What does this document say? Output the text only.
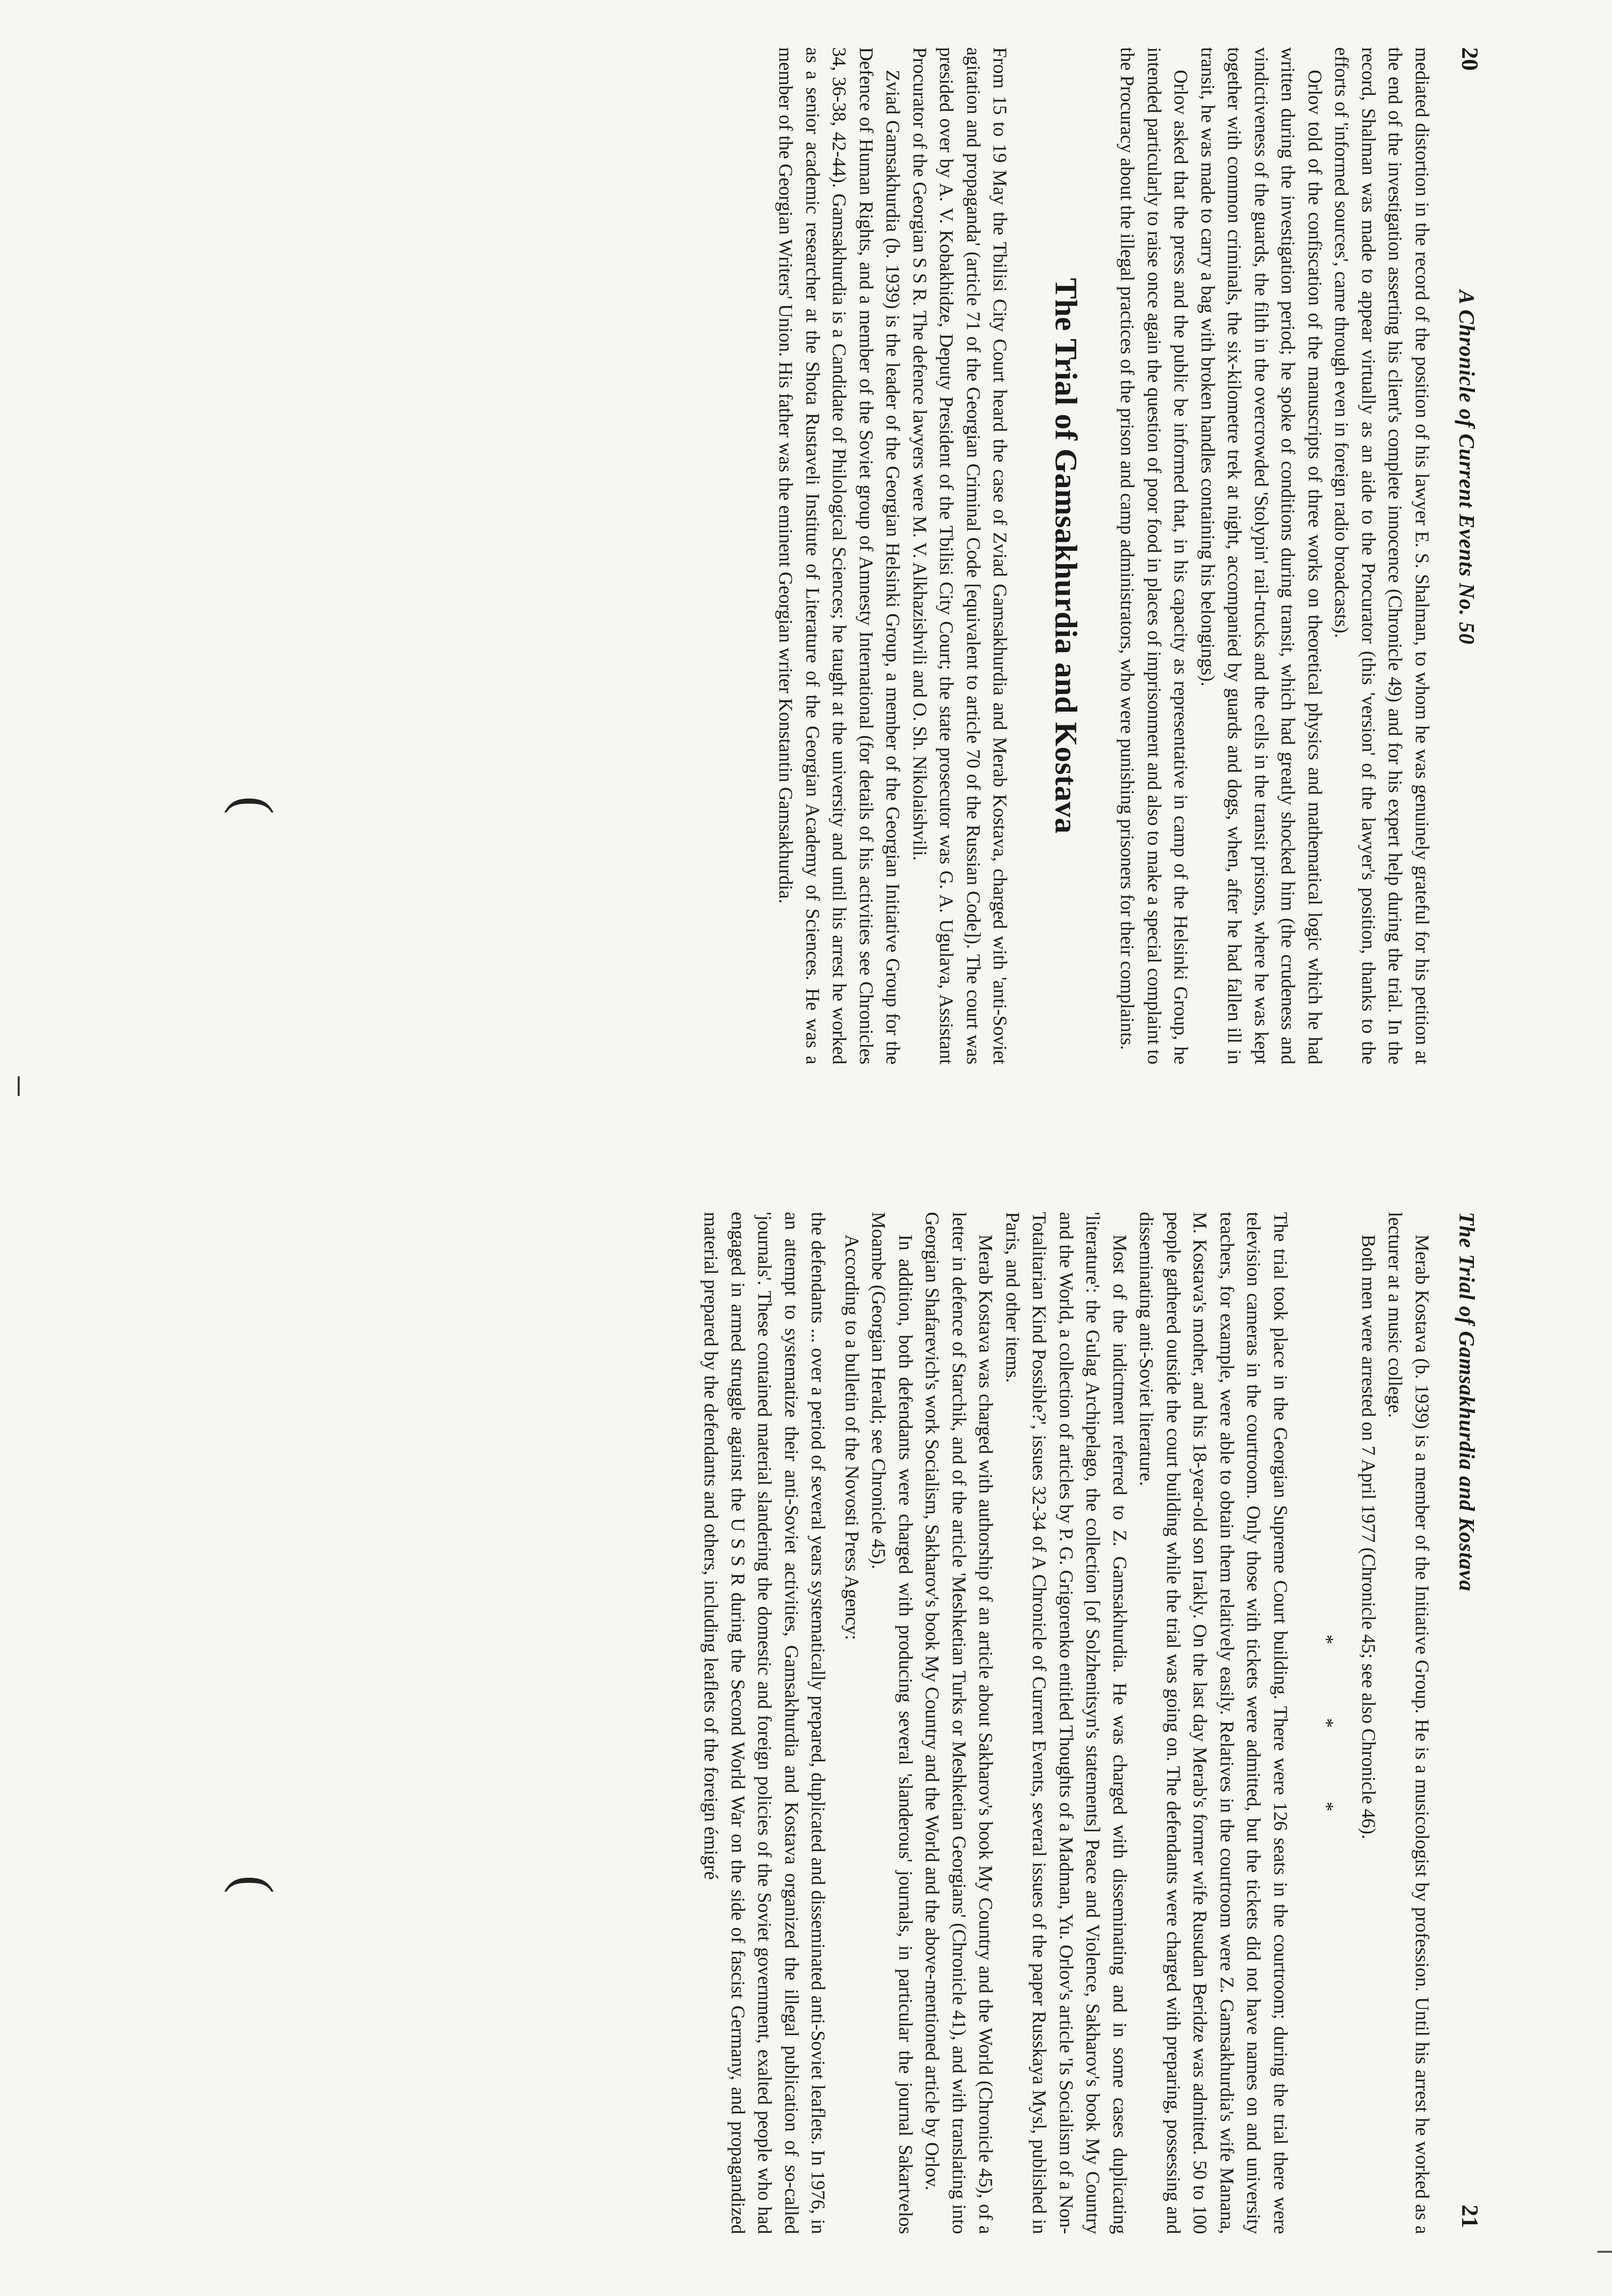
20
A Chronicle of Current Events No. 50

mediated distortion in the record of the position of his lawyer E. S. Shalman, to whom he was genuinely grateful for his petition at the end of the investigation asserting his client's complete innocence (Chronicle 49) and for his expert help during the trial. In the record, Shalman was made to appear virtually as an aide to the Procurator (this 'version' of the lawyer's position, thanks to the efforts of 'informed sources', came through even in foreign radio broadcasts).

Orlov told of the confiscation of the manuscripts of three works on theoretical physics and mathematical logic which he had written during the investigation period; he spoke of conditions during transit, which had greatly shocked him (the crudeness and vindictiveness of the guards, the filth in the overcrowded 'Stolypin' rail-trucks and the cells in the transit prisons, where he was kept together with common criminals, the six-kilometre trek at night, accompanied by guards and dogs, when, after he had fallen ill in transit, he was made to carry a bag with broken handles containing his belongings).

Orlov asked that the press and the public be informed that, in his capacity as representative in camp of the Helsinki Group, he intended particularly to raise once again the question of poor food in places of imprisonment and also to make a special complaint to the Procuracy about the illegal practices of the prison and camp administrators, who were punishing prisoners for their complaints.

The Trial of Gamsakhurdia and Kostava

From 15 to 19 May the Tbilisi City Court heard the case of Zviad Gamsakhurdia and Merab Kostava, charged with 'anti-Soviet agitation and propaganda' (article 71 of the Georgian Criminal Code [equivalent to article 70 of the Russian Code]). The court was presided over by A. V. Kobakhidze, Deputy President of the Tbilisi City Court; the state prosecutor was G. A. Ugulava, Assistant Procurator of the Georgian S S R. The defence lawyers were M. V. Alkhazishvili and O. Sh. Nikolaishvili.

Zviad Gamsakhurdia (b. 1939) is the leader of the Georgian Helsinki Group, a member of the Georgian Initiative Group for the Defence of Human Rights, and a member of the Soviet group of Amnesty International (for details of his activities see Chronicles 34, 36-38, 42-44). Gamsakhurdia is a Candidate of Philological Sciences; he taught at the university and until his arrest he worked as a senior academic researcher at the Shota Rustaveli Institute of Literature of the Georgian Academy of Sciences. He was a member of the Georgian Writers' Union. His father was the eminent Georgian writer Konstantin Gamsakhurdia.

(
The Trial of Gamsakhurdia and Kostava
21

Merab Kostava (b. 1939) is a member of the Initiative Group. He is a musicologist by profession. Until his arrest he worked as a lecturer at a music college.

Both men were arrested on 7 April 1977 (Chronicle 45; see also Chronicle 46).

* * *

The trial took place in the Georgian Supreme Court building. There were 126 seats in the courtroom; during the trial there were television cameras in the courtroom. Only those with tickets were admitted, but the tickets did not have names on and university teachers, for example, were able to obtain them relatively easily. Relatives in the courtroom were Z. Gamsakhurdia's wife Manana, M. Kostava's mother, and his 18-year-old son Irakly. On the last day Merab's former wife Rusudan Beridze was admitted. 50 to 100 people gathered outside the court building while the trial was going on. The defendants were charged with preparing, possessing and disseminating anti-Soviet literature.

Most of the indictment referred to Z. Gamsakhurdia. He was charged with disseminating and in some cases duplicating 'literature': the Gulag Archipelago, the collection [of Solzhenitsyn's statements] Peace and Violence, Sakharov's book My Country and the World, a collection of articles by P. G. Grigorenko entitled Thoughts of a Madman, Yu. Orlov's article 'Is Socialism of a Non-Totalitarian Kind Possible?', issues 32-34 of A Chronicle of Current Events, several issues of the paper Russkaya Mysl, published in Paris, and other items.

Merab Kostava was charged with authorship of an article about Sakharov's book My Country and the World (Chronicle 45), of a letter in defence of Starchik, and of the article 'Meshketian Turks or Meshketian Georgians' (Chronicle 41), and with translating into Georgian Shafarevich's work Socialism, Sakharov's book My Country and the World and the above-mentioned article by Orlov.

In addition, both defendants were charged with producing several 'slanderous' journals, in particular the journal Sakartvelos Moambe (Georgian Herald; see Chronicle 45).

According to a bulletin of the Novosti Press Agency:

the defendants ... over a period of several years systematically prepared, duplicated and disseminated anti-Soviet leaflets. In 1976, in an attempt to systematize their anti-Soviet activities, Gamsakhurdia and Kostava organized the illegal publication of so-called 'journals'. These contained material slandering the domestic and foreign policies of the Soviet government, exalted people who had engaged in armed struggle against the U S S R during the Second World War on the side of fascist Germany, and propagandized material prepared by the defendants and others, including leaflets of the foreign émigré

(
